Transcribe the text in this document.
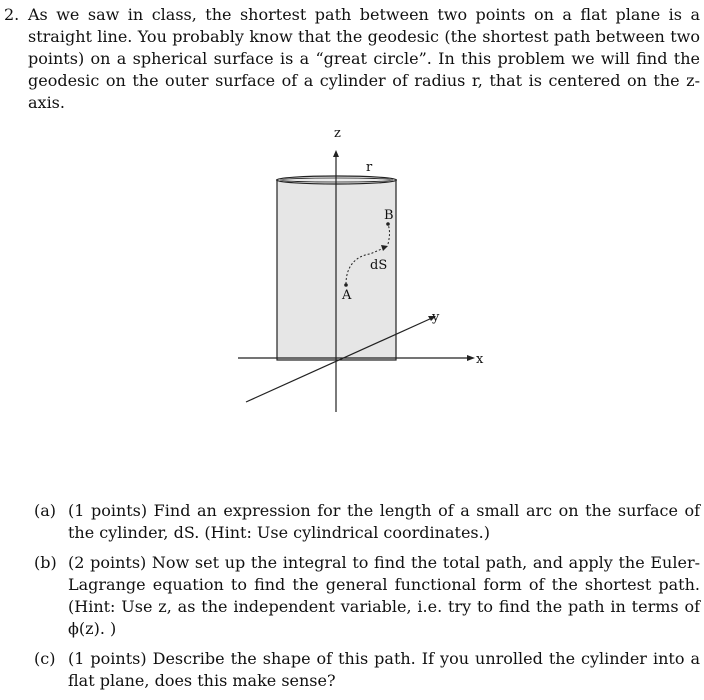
2. As we saw in class, the shortest path between two points on a flat plane is a straight line. You probably know that the geodesic (the shortest path between two points) on a spherical surface is a “great circle”. In this problem we will find the geodesic on the outer surface of a cylinder of radius r, that is centered on the z-axis.
z
r
B
dS
A
y
x
(a) (1 points) Find an expression for the length of a small arc on the surface of the cylinder, dS. (Hint: Use cylindrical coordinates.)
(b) (2 points) Now set up the integral to find the total path, and apply the Euler-Lagrange equation to find the general functional form of the shortest path. (Hint: Use z, as the independent variable, i.e. try to find the path in terms of ϕ(z). )
(c) (1 points) Describe the shape of this path. If you unrolled the cylinder into a flat plane, does this make sense?
